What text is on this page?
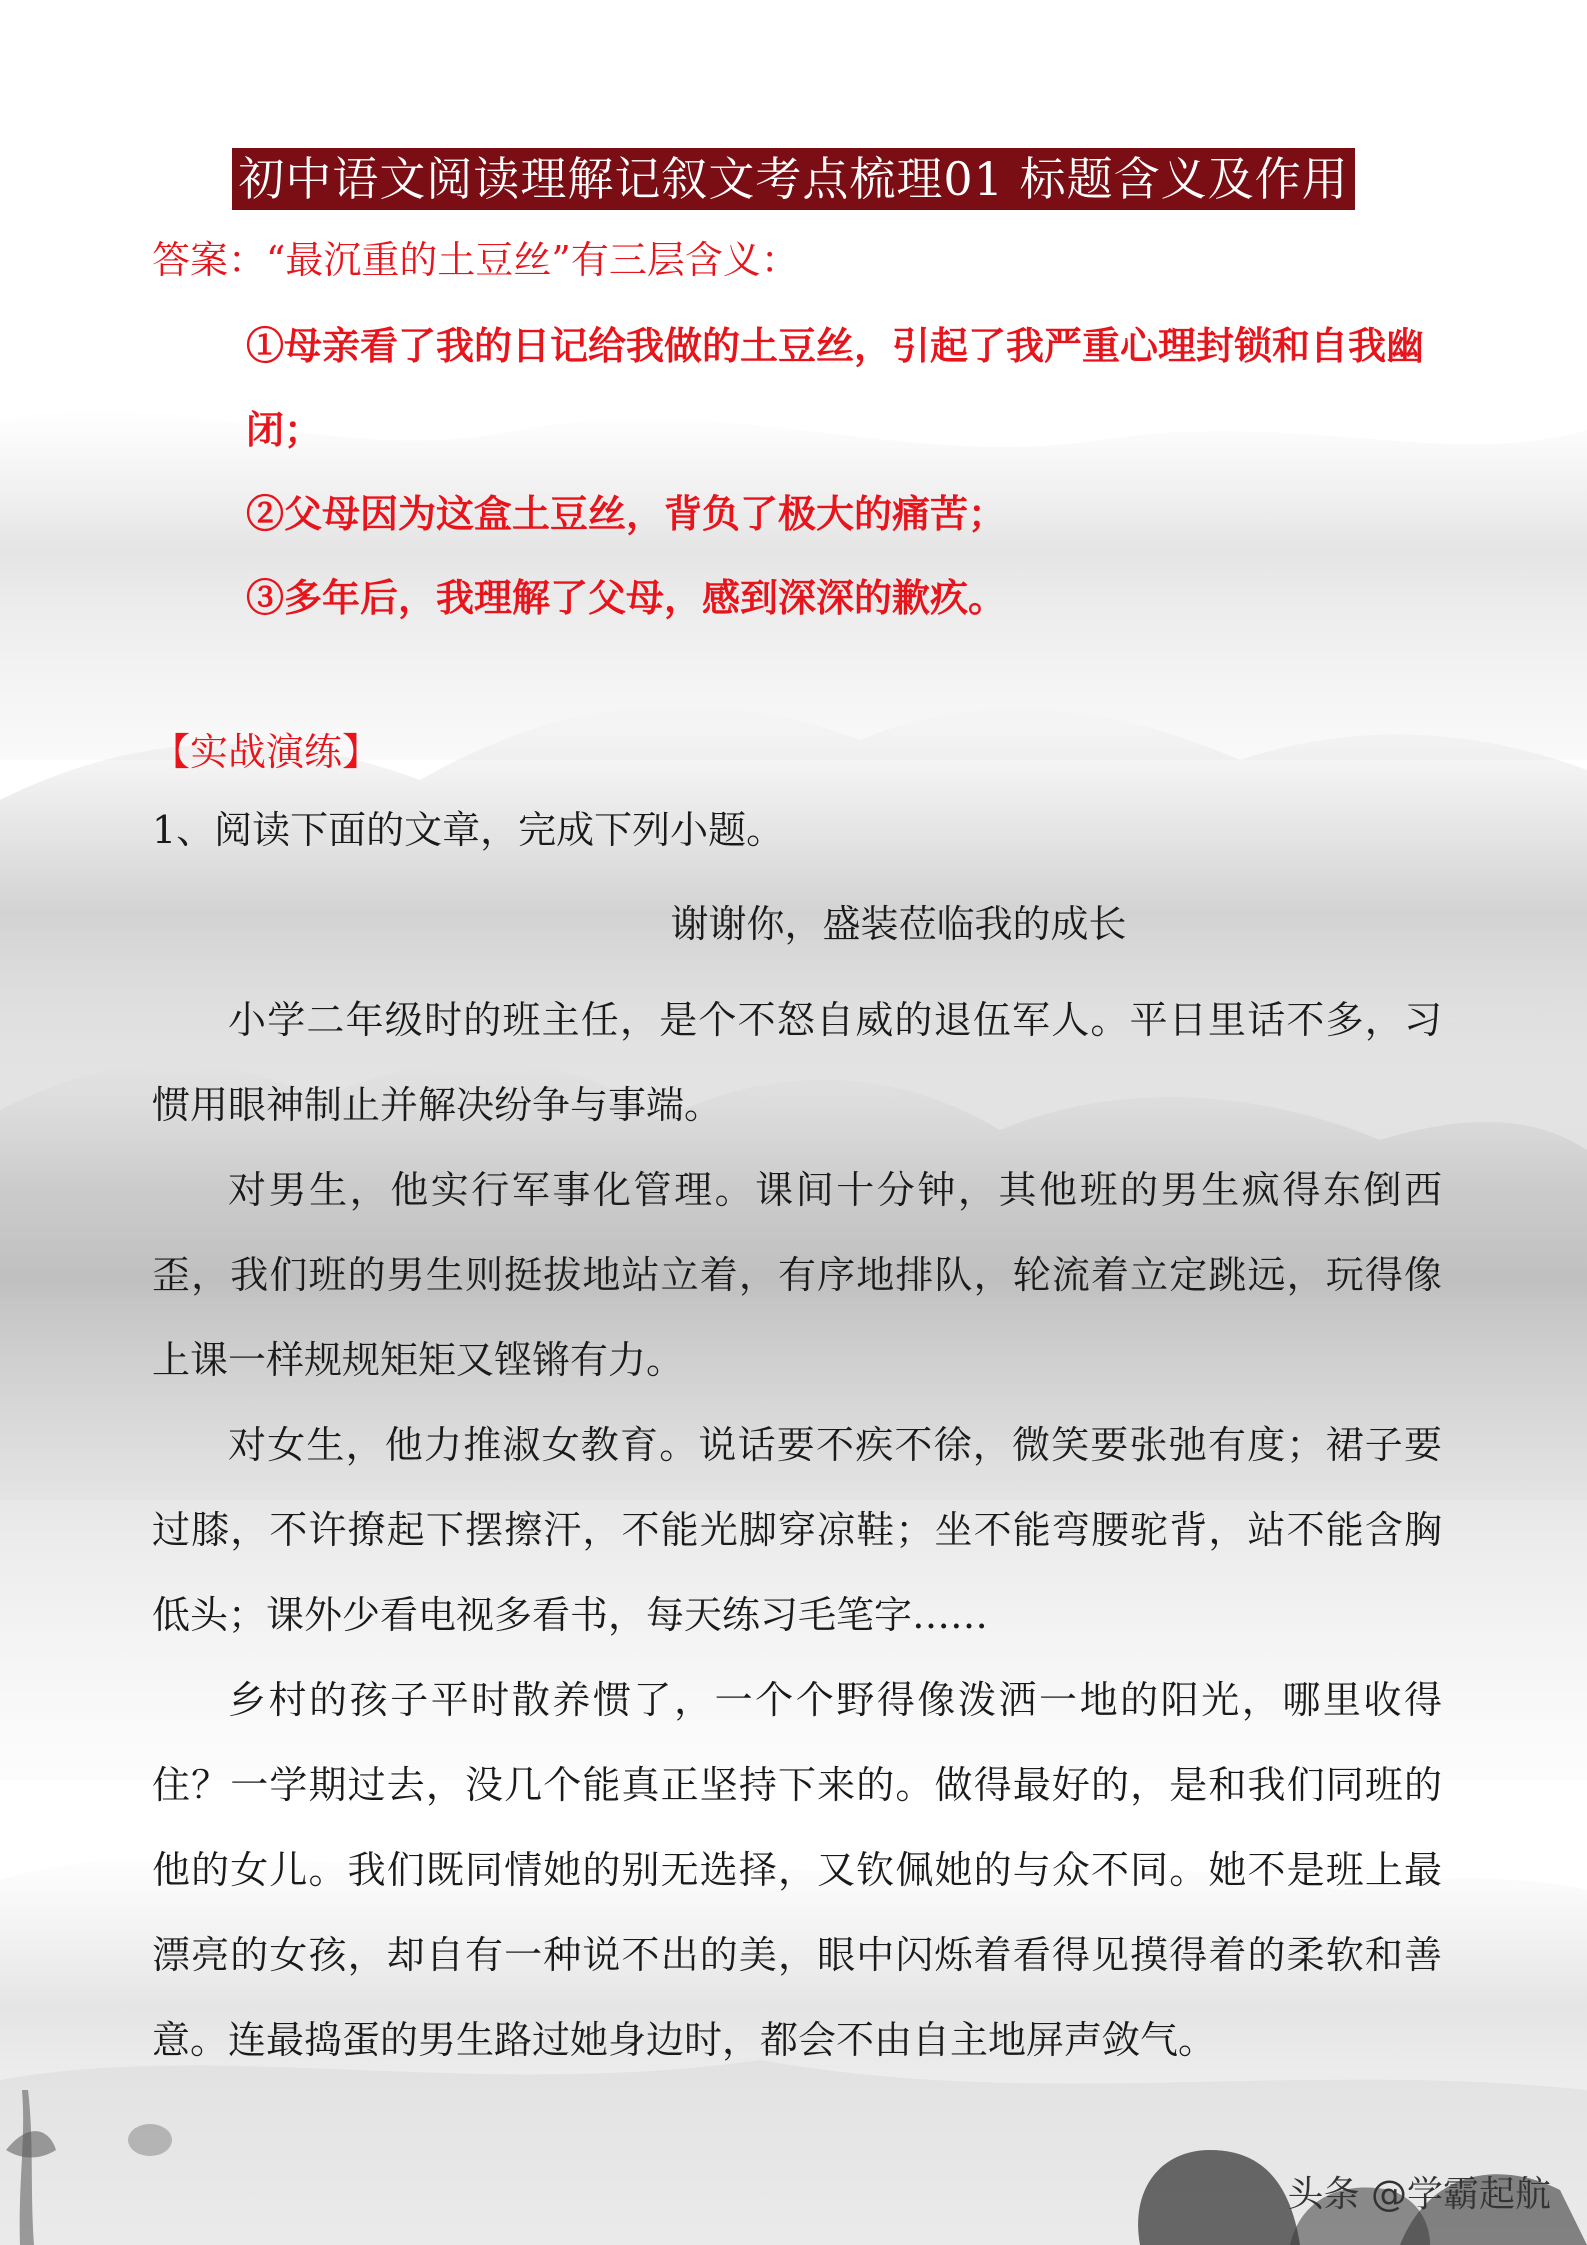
初中语文阅读理解记叙文考点梳理01 标题含义及作用
答案：“最沉重的土豆丝”有三层含义：

①母亲看了我的日记给我做的土豆丝，引起了我严重心理封锁和自我幽闭；

②父母因为这盒土豆丝，背负了极大的痛苦；

③多年后，我理解了父母，感到深深的歉疚。

【实战演练】
1、阅读下面的文章，完成下列小题。
谢谢你，盛装莅临我的成长

小学二年级时的班主任，是个不怒自威的退伍军人。平日里话不多，习惯用眼神制止并解决纷争与事端。

对男生，他实行军事化管理。课间十分钟，其他班的男生疯得东倒西歪，我们班的男生则挺拔地站立着，有序地排队，轮流着立定跳远，玩得像上课一样规规矩矩又铿锵有力。

对女生，他力推淑女教育。说话要不疾不徐，微笑要张弛有度；裙子要过膝，不许撩起下摆擦汗，不能光脚穿凉鞋；坐不能弯腰驼背，站不能含胸低头；课外少看电视多看书，每天练习毛笔字……

乡村的孩子平时散养惯了，一个个野得像泼洒一地的阳光，哪里收得住？一学期过去，没几个能真正坚持下来的。做得最好的，是和我们同班的他的女儿。我们既同情她的别无选择，又钦佩她的与众不同。她不是班上最漂亮的女孩，却自有一种说不出的美，眼中闪烁着看得见摸得着的柔软和善意。连最捣蛋的男生路过她身边时，都会不由自主地屏声敛气。

头条 @学霸起航
